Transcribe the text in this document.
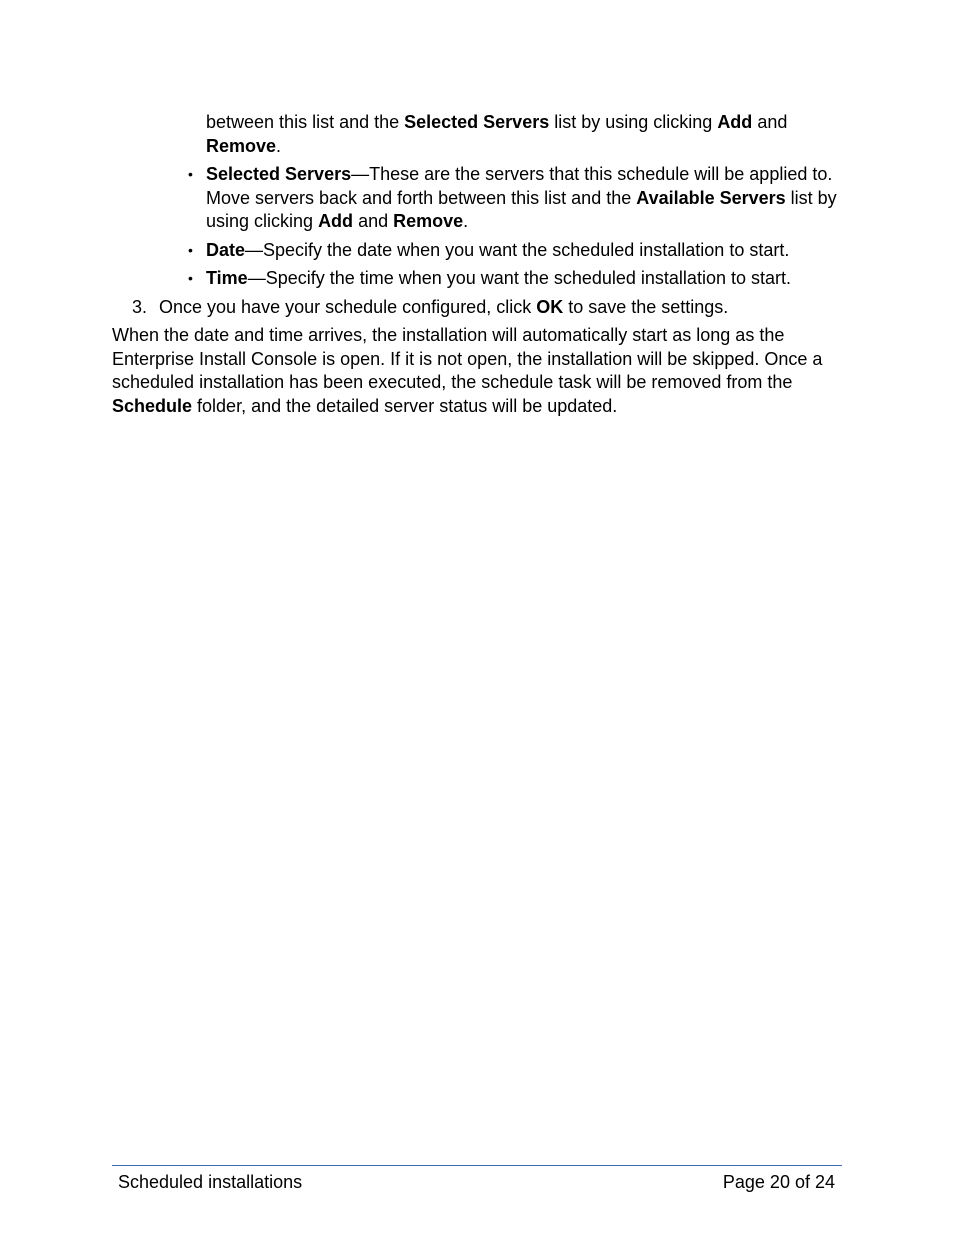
between this list and the Selected Servers list by using clicking Add and Remove.

• Selected Servers—These are the servers that this schedule will be applied to. Move servers back and forth between this list and the Available Servers list by using clicking Add and Remove.
• Date—Specify the date when you want the scheduled installation to start.
• Time—Specify the time when you want the scheduled installation to start.

3. Once you have your schedule configured, click OK to save the settings.

When the date and time arrives, the installation will automatically start as long as the Enterprise Install Console is open. If it is not open, the installation will be skipped. Once a scheduled installation has been executed, the schedule task will be removed from the Schedule folder, and the detailed server status will be updated.

Scheduled installations	Page 20 of 24
